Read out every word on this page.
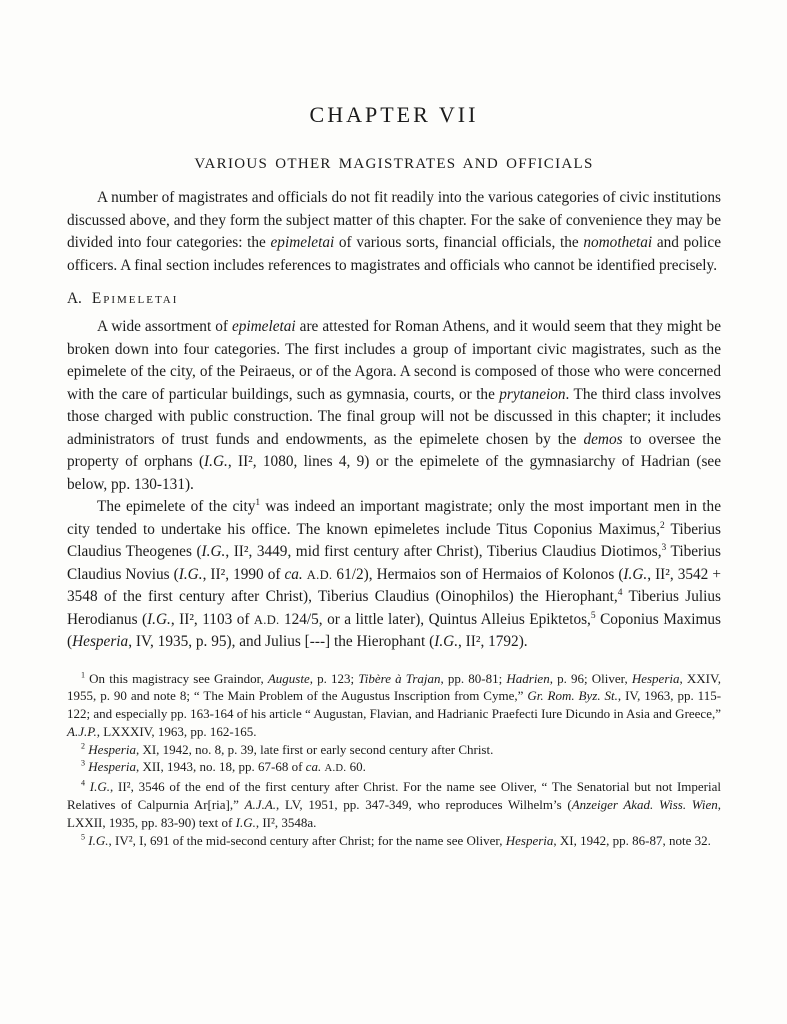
CHAPTER VII
VARIOUS OTHER MAGISTRATES AND OFFICIALS

A number of magistrates and officials do not fit readily into the various categories of civic institutions discussed above, and they form the subject matter of this chapter. For the sake of convenience they may be divided into four categories: the epimeletai of various sorts, financial officials, the nomothetai and police officers. A final section includes references to magistrates and officials who cannot be identified precisely.

A. Epimeletai

A wide assortment of epimeletai are attested for Roman Athens, and it would seem that they might be broken down into four categories. The first includes a group of important civic magistrates, such as the epimelete of the city, of the Peiraeus, or of the Agora. A second is composed of those who were concerned with the care of particular buildings, such as gymnasia, courts, or the prytaneion. The third class involves those charged with public construction. The final group will not be discussed in this chapter; it includes administrators of trust funds and endowments, as the epimelete chosen by the demos to oversee the property of orphans (I.G., II², 1080, lines 4, 9) or the epimelete of the gymnasiarchy of Hadrian (see below, pp. 130-131).

The epimelete of the city$^1$ was indeed an important magistrate; only the most important men in the city tended to undertake his office. The known epimeletes include Titus Coponius Maximus,$^2$ Tiberius Claudius Theogenes (I.G., II², 3449, mid first century after Christ), Tiberius Claudius Diotimos,$^3$ Tiberius Claudius Novius (I.G., II², 1990 of ca. A.D. 61/2), Hermaios son of Hermaios of Kolonos (I.G., II², 3542 + 3548 of the first century after Christ), Tiberius Claudius (Oinophilos) the Hierophant,$^4$ Tiberius Julius Herodianus (I.G., II², 1103 of A.D. 124/5, or a little later), Quintus Alleius Epiktetos,$^5$ Coponius Maximus (Hesperia, IV, 1935, p. 95), and Julius [---] the Hierophant (I.G., II², 1792).

$^1$ On this magistracy see Graindor, Auguste, p. 123; Tibère à Trajan, pp. 80-81; Hadrien, p. 96; Oliver, Hesperia, XXIV, 1955, p. 90 and note 8; “ The Main Problem of the Augustus Inscription from Cyme,” Gr. Rom. Byz. St., IV, 1963, pp. 115-122; and especially pp. 163-164 of his article “ Augustan, Flavian, and Hadrianic Praefecti Iure Dicundo in Asia and Greece,” A.J.P., LXXXIV, 1963, pp. 162-165.

$^2$ Hesperia, XI, 1942, no. 8, p. 39, late first or early second century after Christ.

$^3$ Hesperia, XII, 1943, no. 18, pp. 67-68 of ca. A.D. 60.

$^4$ I.G., II², 3546 of the end of the first century after Christ. For the name see Oliver, “ The Senatorial but not Imperial Relatives of Calpurnia Ar[ria],” A.J.A., LV, 1951, pp. 347-349, who reproduces Wilhelm’s (Anzeiger Akad. Wiss. Wien, LXXII, 1935, pp. 83-90) text of I.G., II², 3548a.

$^5$ I.G., IV², I, 691 of the mid-second century after Christ; for the name see Oliver, Hesperia, XI, 1942, pp. 86-87, note 32.
